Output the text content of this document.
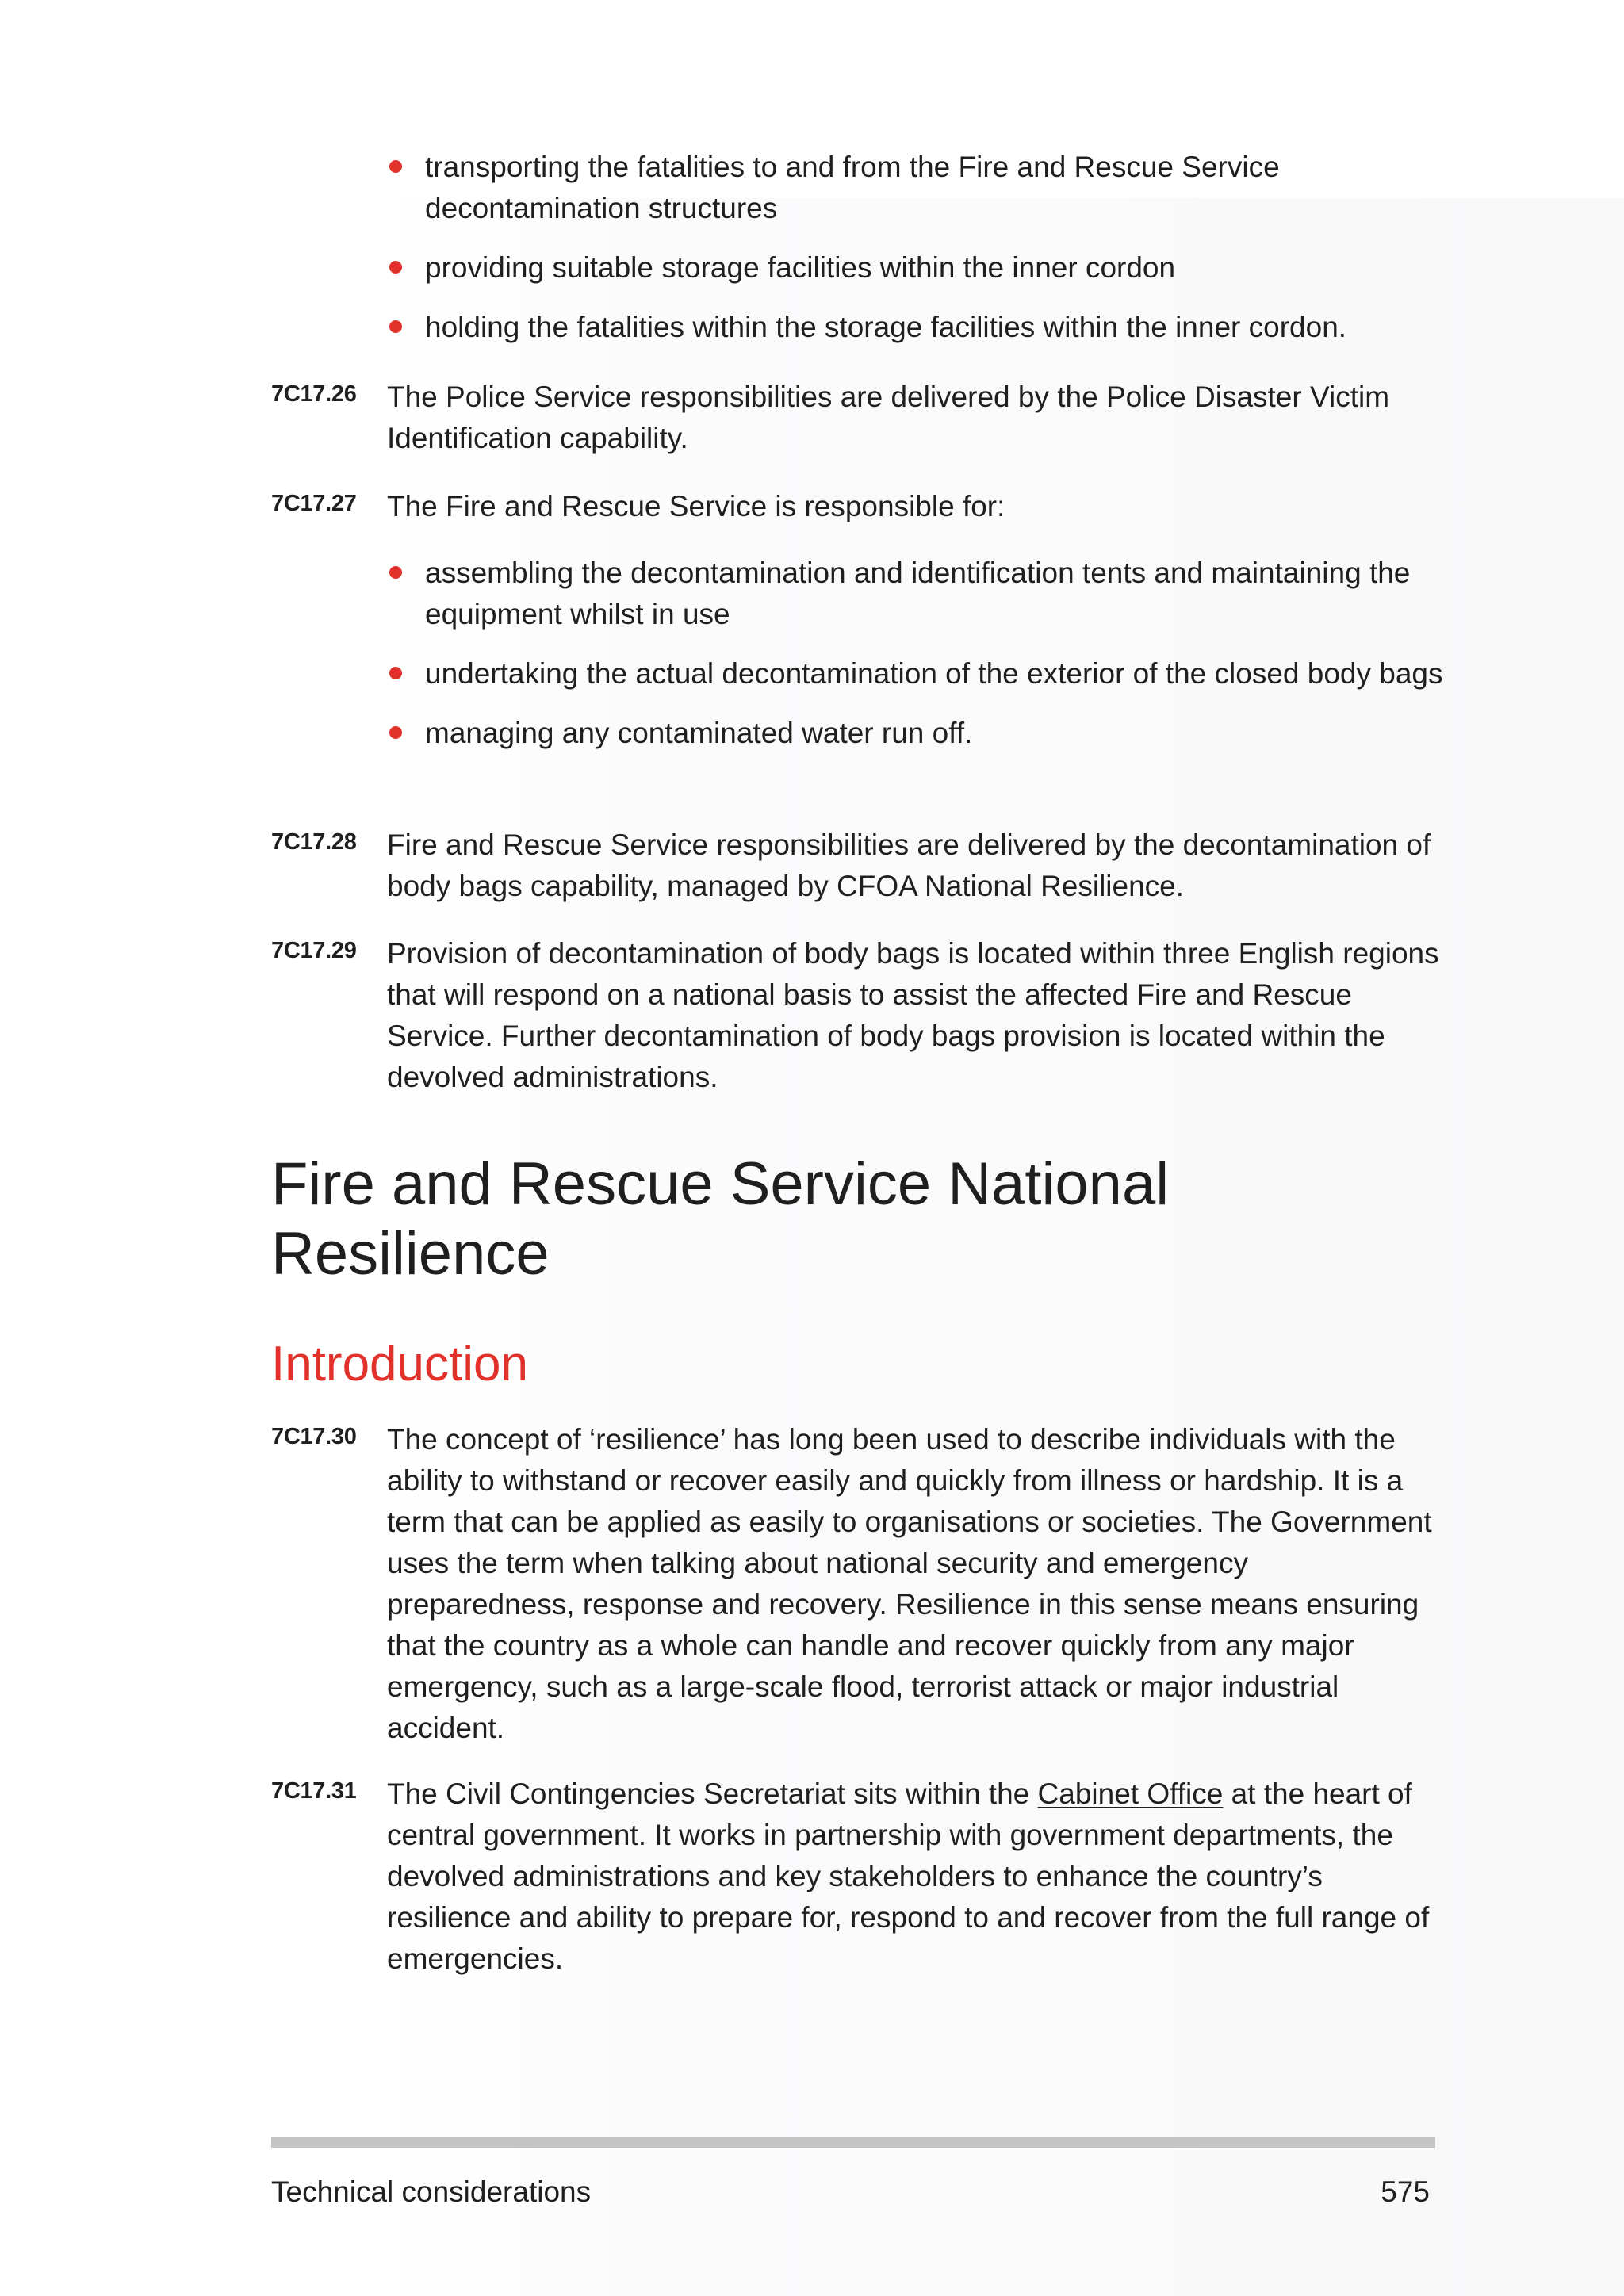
transporting the fatalities to and from the Fire and Rescue Service decontamination structures
providing suitable storage facilities within the inner cordon
holding the fatalities within the storage facilities within the inner cordon.
7C17.26 The Police Service responsibilities are delivered by the Police Disaster Victim Identification capability.
7C17.27 The Fire and Rescue Service is responsible for:
assembling the decontamination and identification tents and maintaining the equipment whilst in use
undertaking the actual decontamination of the exterior of the closed body bags
managing any contaminated water run off.
7C17.28 Fire and Rescue Service responsibilities are delivered by the decontamination of body bags capability, managed by CFOA National Resilience.
7C17.29 Provision of decontamination of body bags is located within three English regions that will respond on a national basis to assist the affected Fire and Rescue Service. Further decontamination of body bags provision is located within the devolved administrations.
Fire and Rescue Service National Resilience
Introduction
7C17.30 The concept of ‘resilience’ has long been used to describe individuals with the ability to withstand or recover easily and quickly from illness or hardship. It is a term that can be applied as easily to organisations or societies. The Government uses the term when talking about national security and emergency preparedness, response and recovery. Resilience in this sense means ensuring that the country as a whole can handle and recover quickly from any major emergency, such as a large-scale flood, terrorist attack or major industrial accident.
7C17.31 The Civil Contingencies Secretariat sits within the Cabinet Office at the heart of central government. It works in partnership with government departments, the devolved administrations and key stakeholders to enhance the country’s resilience and ability to prepare for, respond to and recover from the full range of emergencies.
Technical considerations	575
